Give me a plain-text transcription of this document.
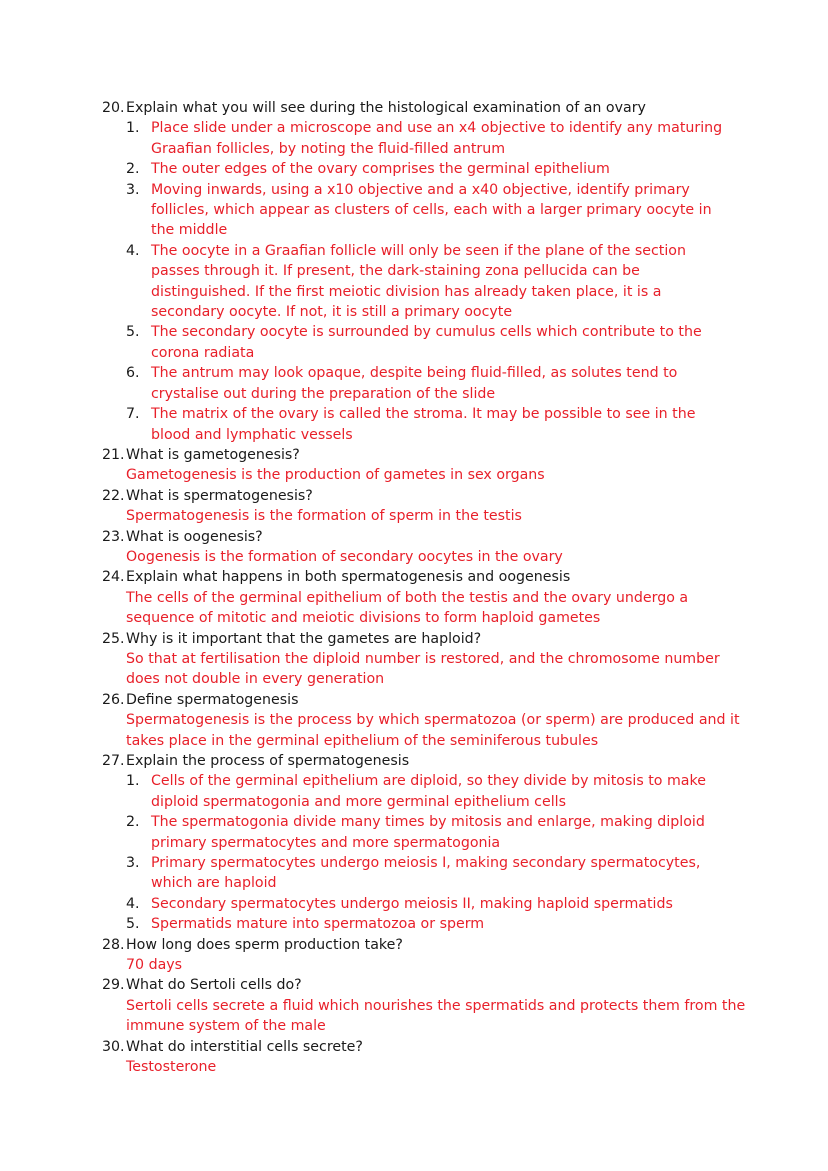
20. Explain what you will see during the histological examination of an ovary
1. Place slide under a microscope and use an x4 objective to identify any maturing Graafian follicles, by noting the fluid-filled antrum
2. The outer edges of the ovary comprises the germinal epithelium
3. Moving inwards, using a x10 objective and a x40 objective, identify primary follicles, which appear as clusters of cells, each with a larger primary oocyte in the middle
4. The oocyte in a Graafian follicle will only be seen if the plane of the section passes through it. If present, the dark-staining zona pellucida can be distinguished. If the first meiotic division has already taken place, it is a secondary oocyte. If not, it is still a primary oocyte
5. The secondary oocyte is surrounded by cumulus cells which contribute to the corona radiata
6. The antrum may look opaque, despite being fluid-filled, as solutes tend to crystalise out during the preparation of the slide
7. The matrix of the ovary is called the stroma. It may be possible to see in the blood and lymphatic vessels
21. What is gametogenesis?
Gametogenesis is the production of gametes in sex organs
22. What is spermatogenesis?
Spermatogenesis is the formation of sperm in the testis
23. What is oogenesis?
Oogenesis is the formation of secondary oocytes in the ovary
24. Explain what happens in both spermatogenesis and oogenesis
The cells of the germinal epithelium of both the testis and the ovary undergo a sequence of mitotic and meiotic divisions to form haploid gametes
25. Why is it important that the gametes are haploid?
So that at fertilisation the diploid number is restored, and the chromosome number does not double in every generation
26. Define spermatogenesis
Spermatogenesis is the process by which spermatozoa (or sperm) are produced and it takes place in the germinal epithelium of the seminiferous tubules
27. Explain the process of spermatogenesis
1. Cells of the germinal epithelium are diploid, so they divide by mitosis to make diploid spermatogonia and more germinal epithelium cells
2. The spermatogonia divide many times by mitosis and enlarge, making diploid primary spermatocytes and more spermatogonia
3. Primary spermatocytes undergo meiosis I, making secondary spermatocytes, which are haploid
4. Secondary spermatocytes undergo meiosis II, making haploid spermatids
5. Spermatids mature into spermatozoa or sperm
28. How long does sperm production take?
70 days
29. What do Sertoli cells do?
Sertoli cells secrete a fluid which nourishes the spermatids and protects them from the immune system of the male
30. What do interstitial cells secrete?
Testosterone
